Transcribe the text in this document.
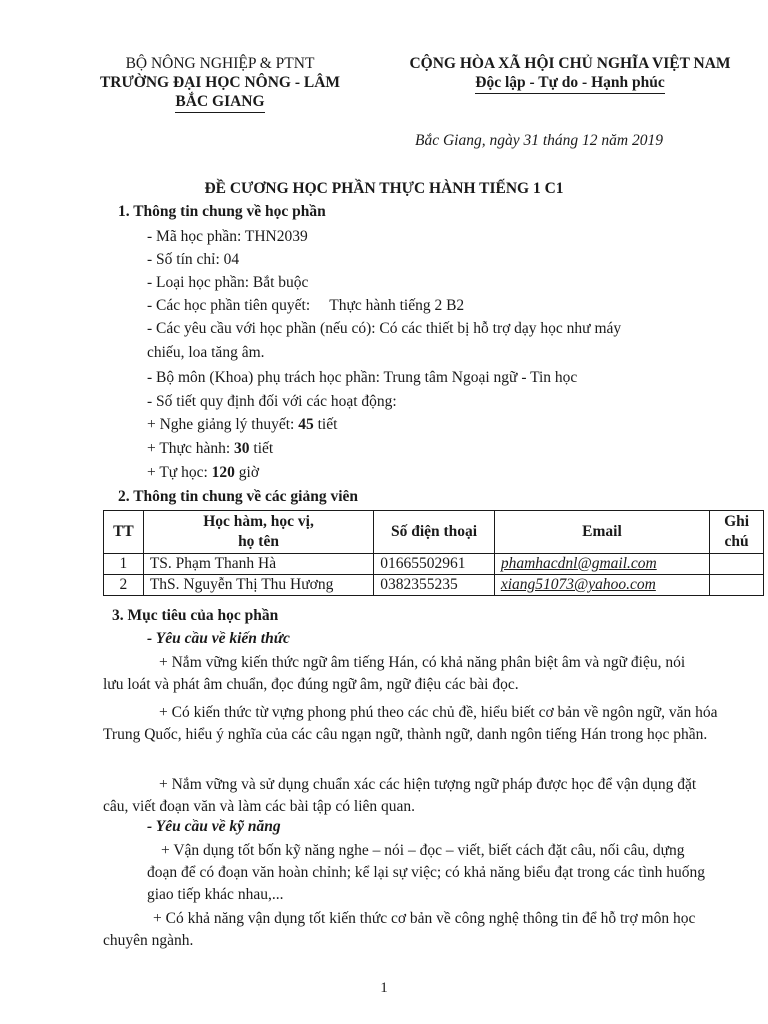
BỘ NÔNG NGHIỆP & PTNT
TRƯỜNG ĐẠI HỌC NÔNG - LÂM
BẮC GIANG
CỘNG HÒA XÃ HỘI CHỦ NGHĨA VIỆT NAM
Độc lập - Tự do - Hạnh phúc
Bắc Giang, ngày 31 tháng 12 năm 2019
ĐỀ CƯƠNG HỌC PHẦN THỰC HÀNH TIẾNG 1 C1
1. Thông tin chung về học phần
- Mã học phần: THN2039
- Số tín chỉ: 04
- Loại học phần: Bắt buộc
- Các học phần tiên quyết:     Thực hành tiếng 2 B2
- Các yêu cầu với học phần (nếu có): Có các thiết bị hỗ trợ dạy học như máy
chiếu, loa tăng âm.
- Bộ môn (Khoa) phụ trách học phần: Trung tâm Ngoại ngữ - Tin học
- Số tiết quy định đối với các hoạt động:
+ Nghe giảng lý thuyết: 45 tiết
+ Thực hành: 30 tiết
+ Tự học: 120 giờ
2. Thông tin chung về các giảng viên
TT	Học hàm, học vị,
họ tên	Số điện thoại	Email	Ghi
chú
1	TS. Phạm Thanh Hà	01665502961	phamhacdnl@gmail.com	
2	ThS. Nguyễn Thị Thu Hương	0382355235	xiang51073@yahoo.com	
3. Mục tiêu của học phần
- Yêu cầu về kiến thức
+ Nắm vững kiến thức ngữ âm tiếng Hán, có khả năng phân biệt âm và ngữ điệu, nói lưu loát và phát âm chuẩn, đọc đúng ngữ âm, ngữ điệu các bài đọc.
+ Có kiến thức từ vựng phong phú theo các chủ đề, hiểu biết cơ bản về ngôn ngữ, văn hóa Trung Quốc, hiểu ý nghĩa của các câu ngạn ngữ, thành ngữ, danh ngôn tiếng Hán trong học phần.
+ Nắm vững và sử dụng chuẩn xác các hiện tượng ngữ pháp được học để vận dụng đặt câu, viết đoạn văn và làm các bài tập có liên quan.
- Yêu cầu về kỹ năng
+ Vận dụng tốt bốn kỹ năng nghe – nói – đọc – viết, biết cách đặt câu, nối câu, dựng đoạn để có đoạn văn hoàn chỉnh; kể lại sự việc; có khả năng biểu đạt trong các tình huống giao tiếp khác nhau,...
+ Có khả năng vận dụng tốt kiến thức cơ bản về công nghệ thông tin để hỗ trợ môn học chuyên ngành.
1
